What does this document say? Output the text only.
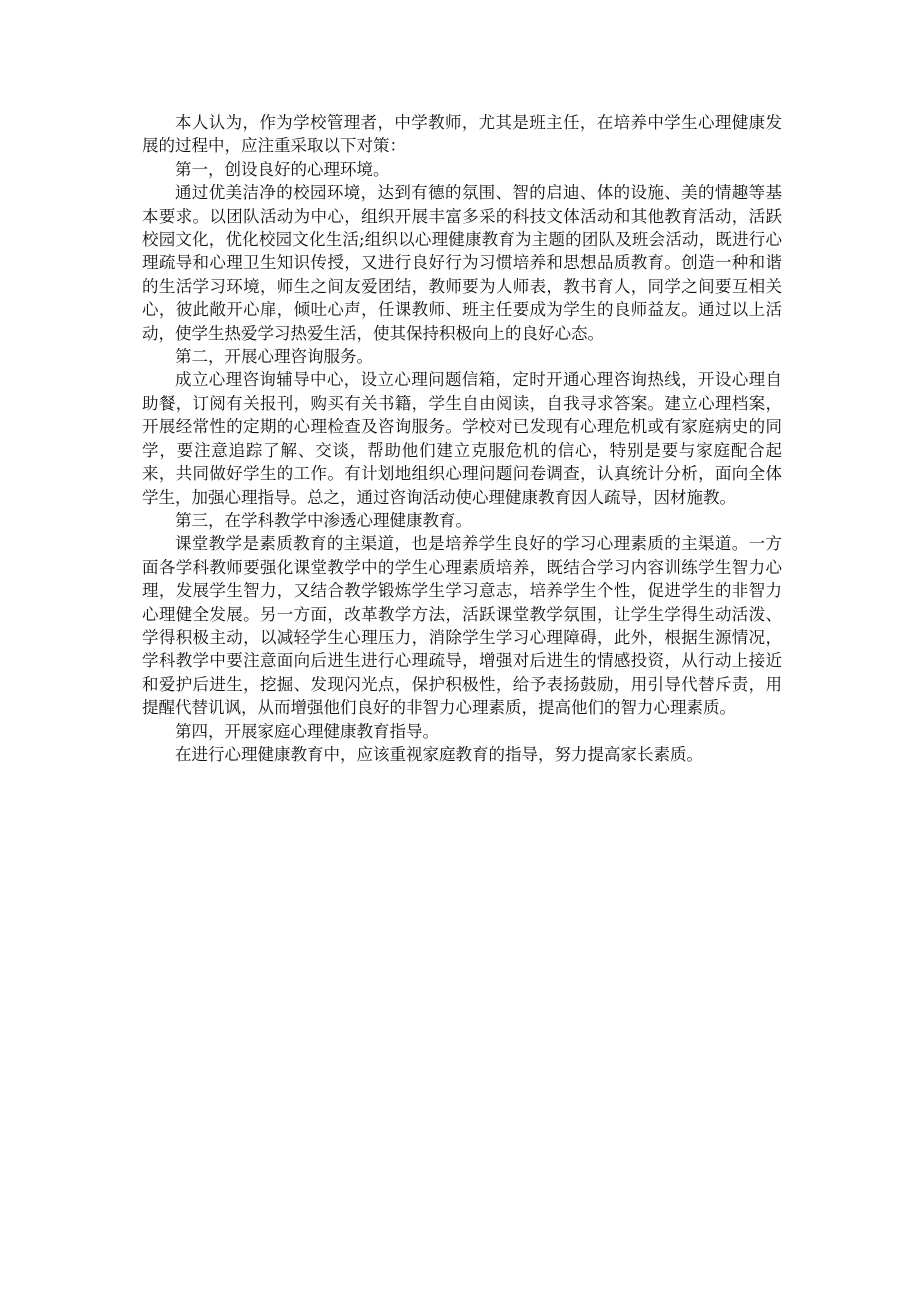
本人认为，作为学校管理者，中学教师，尤其是班主任，在培养中学生心理健康发展的过程中，应注重采取以下对策：

第一，创设良好的心理环境。

通过优美洁净的校园环境，达到有德的氛围、智的启迪、体的设施、美的情趣等基本要求。以团队活动为中心，组织开展丰富多采的科技文体活动和其他教育活动，活跃校园文化，优化校园文化生活;组织以心理健康教育为主题的团队及班会活动，既进行心理疏导和心理卫生知识传授，又进行良好行为习惯培养和思想品质教育。创造一种和谐的生活学习环境，师生之间友爱团结，教师要为人师表，教书育人，同学之间要互相关心，彼此敞开心扉，倾吐心声，任课教师、班主任要成为学生的良师益友。通过以上活动，使学生热爱学习热爱生活，使其保持积极向上的良好心态。

第二，开展心理咨询服务。

成立心理咨询辅导中心，设立心理问题信箱，定时开通心理咨询热线，开设心理自助餐，订阅有关报刊，购买有关书籍，学生自由阅读，自我寻求答案。建立心理档案，开展经常性的定期的心理检查及咨询服务。学校对已发现有心理危机或有家庭病史的同学，要注意追踪了解、交谈，帮助他们建立克服危机的信心，特别是要与家庭配合起来，共同做好学生的工作。有计划地组织心理问题问卷调查，认真统计分析，面向全体学生，加强心理指导。总之，通过咨询活动使心理健康教育因人疏导，因材施教。

第三，在学科教学中渗透心理健康教育。

课堂教学是素质教育的主渠道，也是培养学生良好的学习心理素质的主渠道。一方面各学科教师要强化课堂教学中的学生心理素质培养，既结合学习内容训练学生智力心理，发展学生智力，又结合教学锻炼学生学习意志，培养学生个性，促进学生的非智力心理健全发展。另一方面，改革教学方法，活跃课堂教学氛围，让学生学得生动活泼、学得积极主动，以减轻学生心理压力，消除学生学习心理障碍，此外，根据生源情况，学科教学中要注意面向后进生进行心理疏导，增强对后进生的情感投资，从行动上接近和爱护后进生，挖掘、发现闪光点，保护积极性，给予表扬鼓励，用引导代替斥责，用提醒代替讥讽，从而增强他们良好的非智力心理素质，提高他们的智力心理素质。

第四，开展家庭心理健康教育指导。

在进行心理健康教育中，应该重视家庭教育的指导，努力提高家长素质。
